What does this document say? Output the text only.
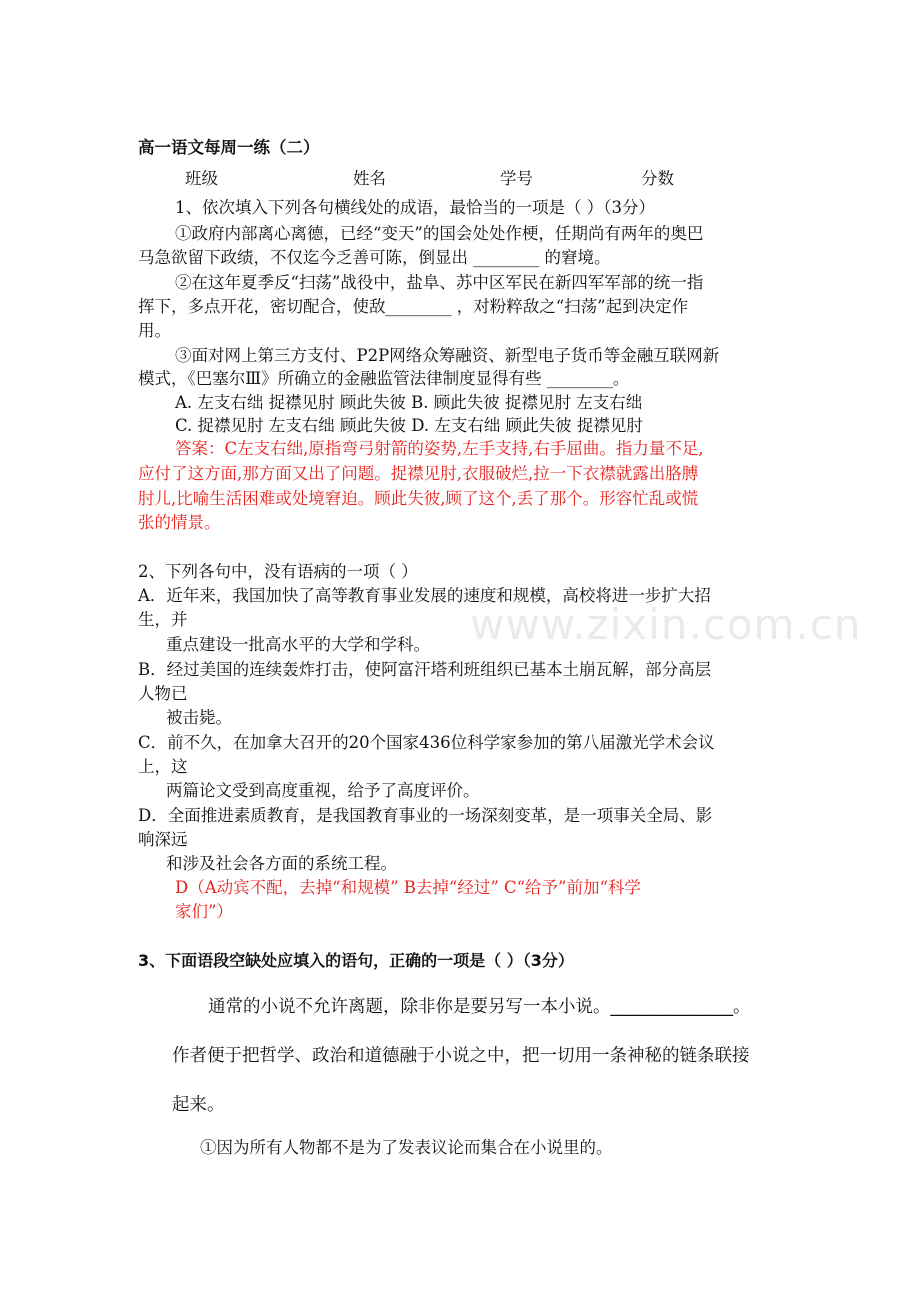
www.zixin.com.cn
高一语文每周一练（二）
班级	姓名	学号	分数
1、依次填入下列各句横线处的成语，最恰当的一项是（ ）（3分）
①政府内部离心离德，已经“变天”的国会处处作梗，任期尚有两年的奥巴
马急欲留下政绩，不仅迄今乏善可陈，倒显出 ________ 的窘境。
②在这年夏季反“扫荡”战役中，盐阜、苏中区军民在新四军军部的统一指
挥下，多点开花，密切配合，使敌________ ，对粉粹敌之“扫荡”起到决定作
用。
③面对网上第三方支付、P2P网络众筹融资、新型电子货币等金融互联网新
模式，《巴塞尔Ⅲ》所确立的金融监管法律制度显得有些 ________。
A. 左支右绌 捉襟见肘 顾此失彼 B. 顾此失彼 捉襟见肘 左支右绌
C. 捉襟见肘 左支右绌 顾此失彼 D. 左支右绌 顾此失彼 捉襟见肘
答案：C左支右绌,原指弯弓射箭的姿势,左手支持,右手屈曲。指力量不足,
应付了这方面,那方面又出了问题。捉襟见肘,衣服破烂,拉一下衣襟就露出胳膊
肘儿,比喻生活困难或处境窘迫。顾此失彼,顾了这个,丢了那个。形容忙乱或慌
张的情景。
2、下列各句中，没有语病的一项（ ）
A．近年来，我国加快了高等教育事业发展的速度和规模，高校将进一步扩大招
生，并
重点建设一批高水平的大学和学科。
B．经过美国的连续轰炸打击，使阿富汗塔利班组织已基本土崩瓦解，部分高层
人物已
被击毙。
C．前不久，在加拿大召开的20个国家436位科学家参加的第八届激光学术会议
上，这
两篇论文受到高度重视，给予了高度评价。
D．全面推进素质教育，是我国教育事业的一场深刻变革，是一项事关全局、影
响深远
和涉及社会各方面的系统工程。
D（A动宾不配，去掉“和规模” B去掉“经过” C“给予”前加“科学
家们”）
3、下面语段空缺处应填入的语句，正确的一项是（ ）（3分）
通常的小说不允许离题，除非你是要另写一本小说。______________。
作者便于把哲学、政治和道德融于小说之中，把一切用一条神秘的链条联接
起来。
①因为所有人物都不是为了发表议论而集合在小说里的。
